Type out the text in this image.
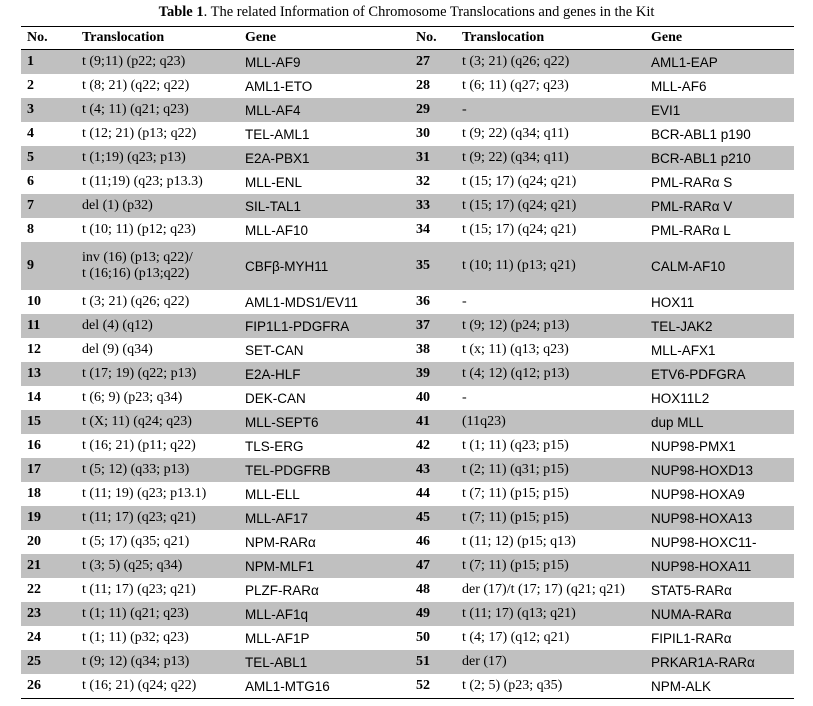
Table 1. The related Information of Chromosome Translocations and genes in the Kit
No.	Translocation	Gene	No.	Translocation	Gene
1	t (9;11) (p22; q23)	MLL-AF9	27	t (3; 21) (q26; q22)	AML1-EAP
2	t (8; 21) (q22; q22)	AML1-ETO	28	t (6; 11) (q27; q23)	MLL-AF6
3	t (4; 11) (q21; q23)	MLL-AF4	29	-	EVI1
4	t (12; 21) (p13; q22)	TEL-AML1	30	t (9; 22) (q34; q11)	BCR-ABL1 p190
5	t (1;19) (q23; p13)	E2A-PBX1	31	t (9; 22) (q34; q11)	BCR-ABL1 p210
6	t (11;19) (q23; p13.3)	MLL-ENL	32	t (15; 17) (q24; q21)	PML-RARα S
7	del (1) (p32)	SIL-TAL1	33	t (15; 17) (q24; q21)	PML-RARα V
8	t (10; 11) (p12; q23)	MLL-AF10	34	t (15; 17) (q24; q21)	PML-RARα L
9	inv (16) (p13; q22)/
t (16;16) (p13;q22)	CBFβ-MYH11	35	t (10; 11) (p13; q21)	CALM-AF10
10	t (3; 21) (q26; q22)	AML1-MDS1/EV11	36	-	HOX11
11	del (4) (q12)	FIP1L1-PDGFRA	37	t (9; 12) (p24; p13)	TEL-JAK2
12	del (9) (q34)	SET-CAN	38	t (x; 11) (q13; q23)	MLL-AFX1
13	t (17; 19) (q22; p13)	E2A-HLF	39	t (4; 12) (q12; p13)	ETV6-PDFGRA
14	t (6; 9) (p23; q34)	DEK-CAN	40	-	HOX11L2
15	t (X; 11) (q24; q23)	MLL-SEPT6	41	(11q23)	dup MLL
16	t (16; 21) (p11; q22)	TLS-ERG	42	t (1; 11) (q23; p15)	NUP98-PMX1
17	t (5; 12) (q33; p13)	TEL-PDGFRB	43	t (2; 11) (q31; p15)	NUP98-HOXD13
18	t (11; 19) (q23; p13.1)	MLL-ELL	44	t (7; 11) (p15; p15)	NUP98-HOXA9
19	t (11; 17) (q23; q21)	MLL-AF17	45	t (7; 11) (p15; p15)	NUP98-HOXA13
20	t (5; 17) (q35; q21)	NPM-RARα	46	t (11; 12) (p15; q13)	NUP98-HOXC11-
21	t (3; 5) (q25; q34)	NPM-MLF1	47	t (7; 11) (p15; p15)	NUP98-HOXA11
22	t (11; 17) (q23; q21)	PLZF-RARα	48	der (17)/t (17; 17) (q21; q21)	STAT5-RARα
23	t (1; 11) (q21; q23)	MLL-AF1q	49	t (11; 17) (q13; q21)	NUMA-RARα
24	t (1; 11) (p32; q23)	MLL-AF1P	50	t (4; 17) (q12; q21)	FIPIL1-RARα
25	t (9; 12) (q34; p13)	TEL-ABL1	51	der (17)	PRKAR1A-RARα
26	t (16; 21) (q24; q22)	AML1-MTG16	52	t (2; 5) (p23; q35)	NPM-ALK
